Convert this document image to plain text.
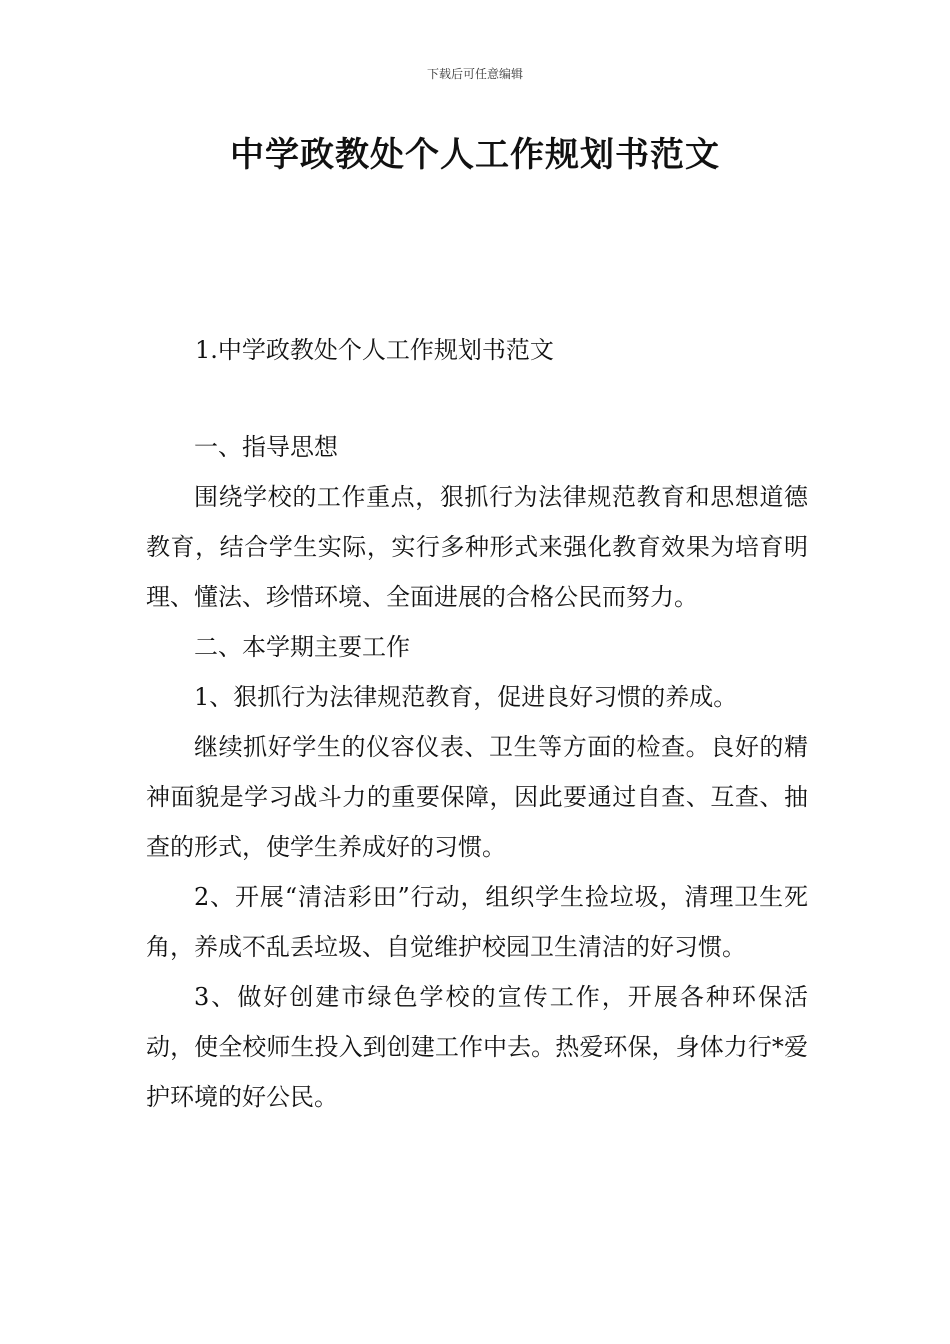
下载后可任意编辑
中学政教处个人工作规划书范文
1.中学政教处个人工作规划书范文

一、指导思想

围绕学校的工作重点，狠抓行为法律规范教育和思想道德教育，结合学生实际，实行多种形式来强化教育效果为培育明理、懂法、珍惜环境、全面进展的合格公民而努力。

二、本学期主要工作

1、狠抓行为法律规范教育，促进良好习惯的养成。

继续抓好学生的仪容仪表、卫生等方面的检查。良好的精神面貌是学习战斗力的重要保障，因此要通过自查、互查、抽查的形式，使学生养成好的习惯。

2、开展“清洁彩田”行动，组织学生捡垃圾，清理卫生死角，养成不乱丢垃圾、自觉维护校园卫生清洁的好习惯。

3、做好创建市绿色学校的宣传工作，开展各种环保活动，使全校师生投入到创建工作中去。热爱环保，身体力行*爱护环境的好公民。
